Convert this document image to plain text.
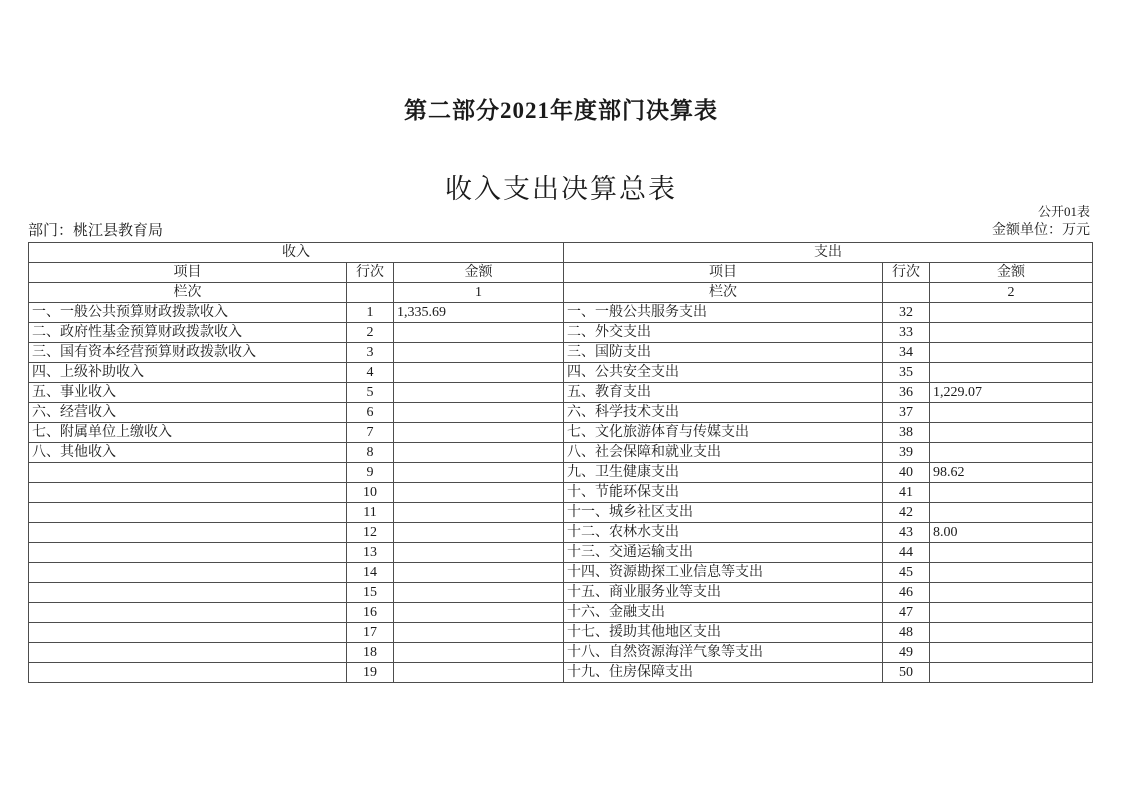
第二部分2021年度部门决算表
收入支出决算总表
公开01表
部门：桃江县教育局	金额单位：万元
收入			支出		
项目	行次	金额	项目	行次	金额
栏次		1	栏次		2
一、一般公共预算财政拨款收入	1	1,335.69	一、一般公共服务支出	32	
二、政府性基金预算财政拨款收入	2		二、外交支出	33	
三、国有资本经营预算财政拨款收入	3		三、国防支出	34	
四、上级补助收入	4		四、公共安全支出	35	
五、事业收入	5		五、教育支出	36	1,229.07
六、经营收入	6		六、科学技术支出	37	
七、附属单位上缴收入	7		七、文化旅游体育与传媒支出	38	
八、其他收入	8		八、社会保障和就业支出	39	
	9		九、卫生健康支出	40	98.62
	10		十、节能环保支出	41	
	11		十一、城乡社区支出	42	
	12		十二、农林水支出	43	8.00
	13		十三、交通运输支出	44	
	14		十四、资源勘探工业信息等支出	45	
	15		十五、商业服务业等支出	46	
	16		十六、金融支出	47	
	17		十七、援助其他地区支出	48	
	18		十八、自然资源海洋气象等支出	49	
	19		十九、住房保障支出	50	
